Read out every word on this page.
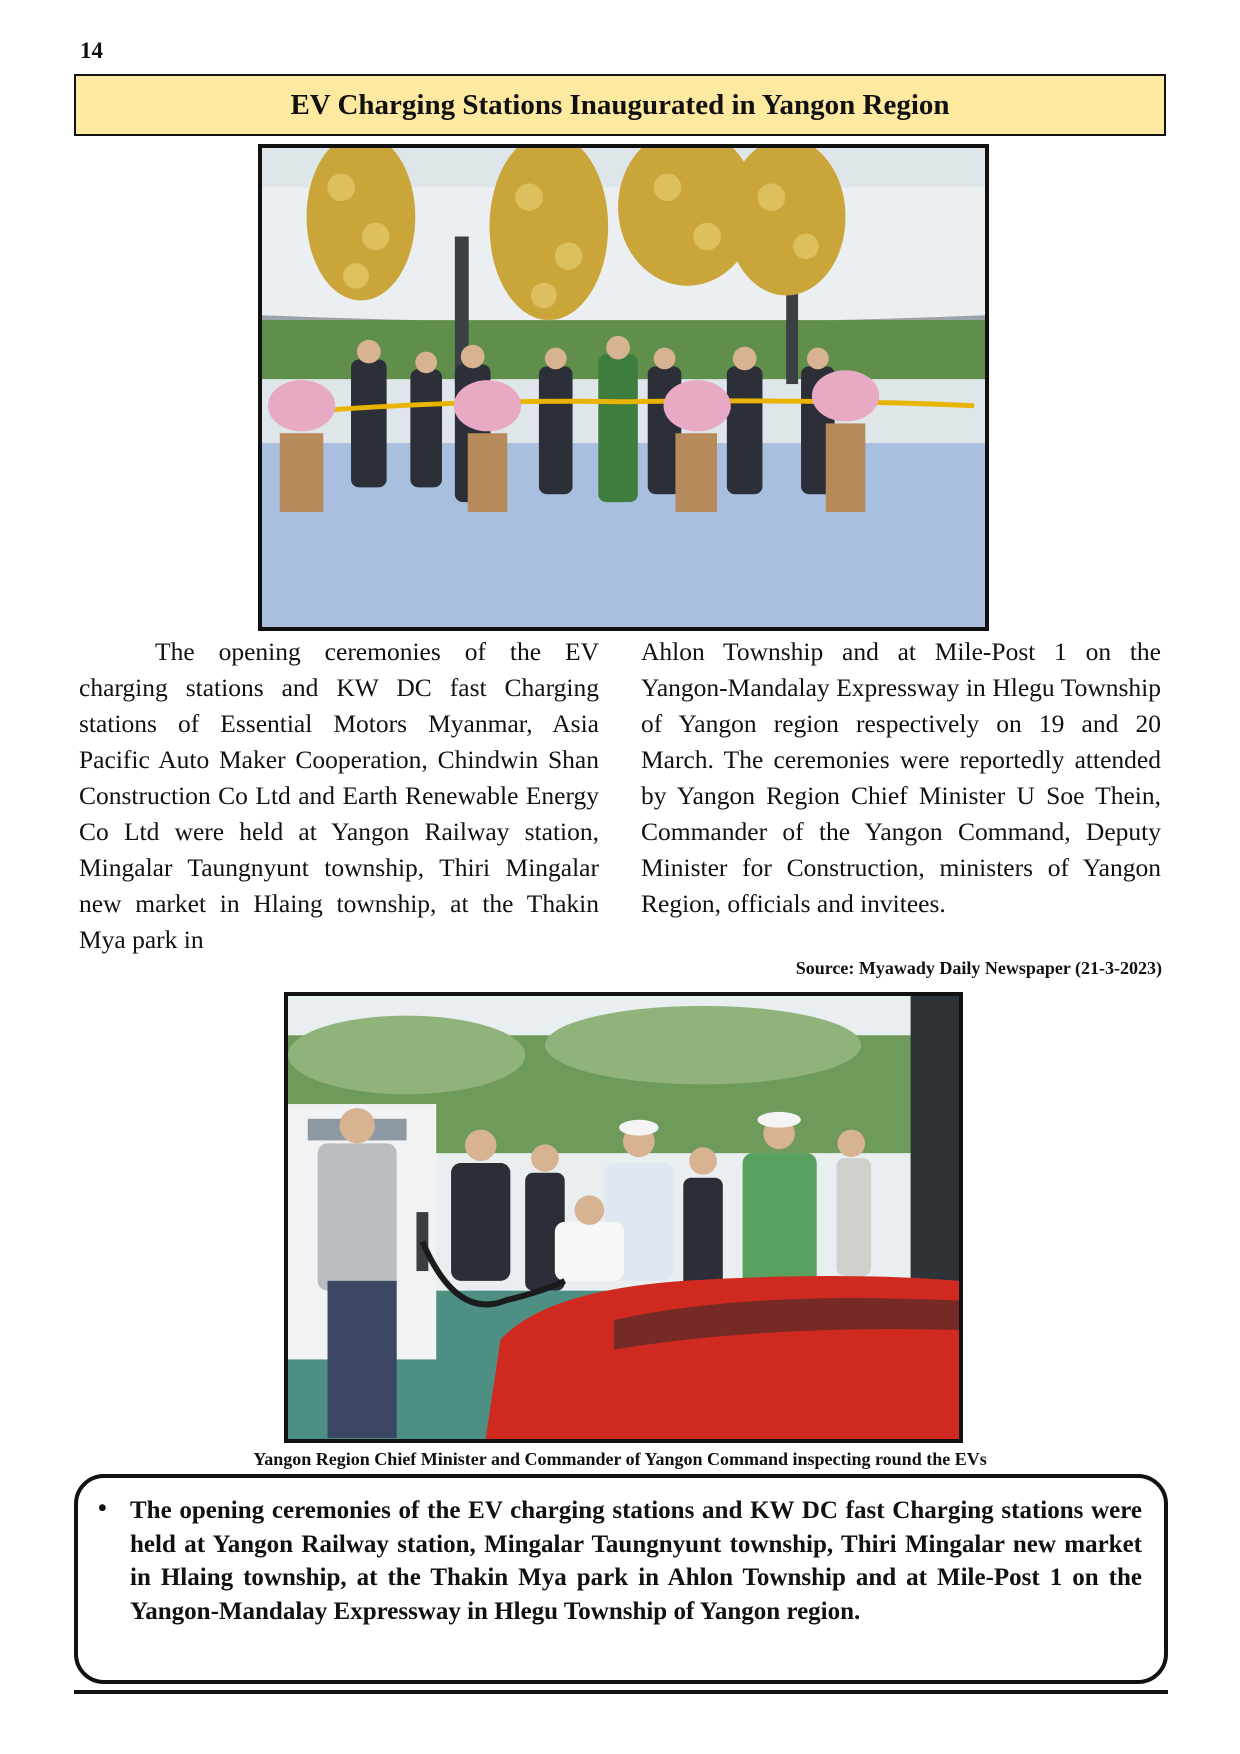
14
EV Charging Stations Inaugurated in Yangon Region

The opening ceremonies of the EV charging stations and KW DC fast Charging stations of Essential Motors Myanmar, Asia Pacific Auto Maker Cooperation, Chindwin Shan Construction Co Ltd and Earth Renewable Energy Co Ltd were held at Yangon Railway station, Mingalar Taungnyunt township, Thiri Mingalar new market in Hlaing township, at the Thakin Mya park in

Ahlon Township and at Mile-Post 1 on the Yangon-Mandalay Expressway in Hlegu Township of Yangon region respectively on 19 and 20 March. The ceremonies were reportedly attended by Yangon Region Chief Minister U Soe Thein, Commander of the Yangon Command, Deputy Minister for Construction, ministers of Yangon Region, officials and invitees.

Source: Myawady Daily Newspaper (21-3-2023)
Yangon Region Chief Minister and Commander of Yangon Command inspecting round the EVs
• The opening ceremonies of the EV charging stations and KW DC fast Charging stations were held at Yangon Railway station, Mingalar Taungnyunt township, Thiri Mingalar new market in Hlaing township, at the Thakin Mya park in Ahlon Township and at Mile-Post 1 on the Yangon-Mandalay Expressway in Hlegu Township of Yangon region.
